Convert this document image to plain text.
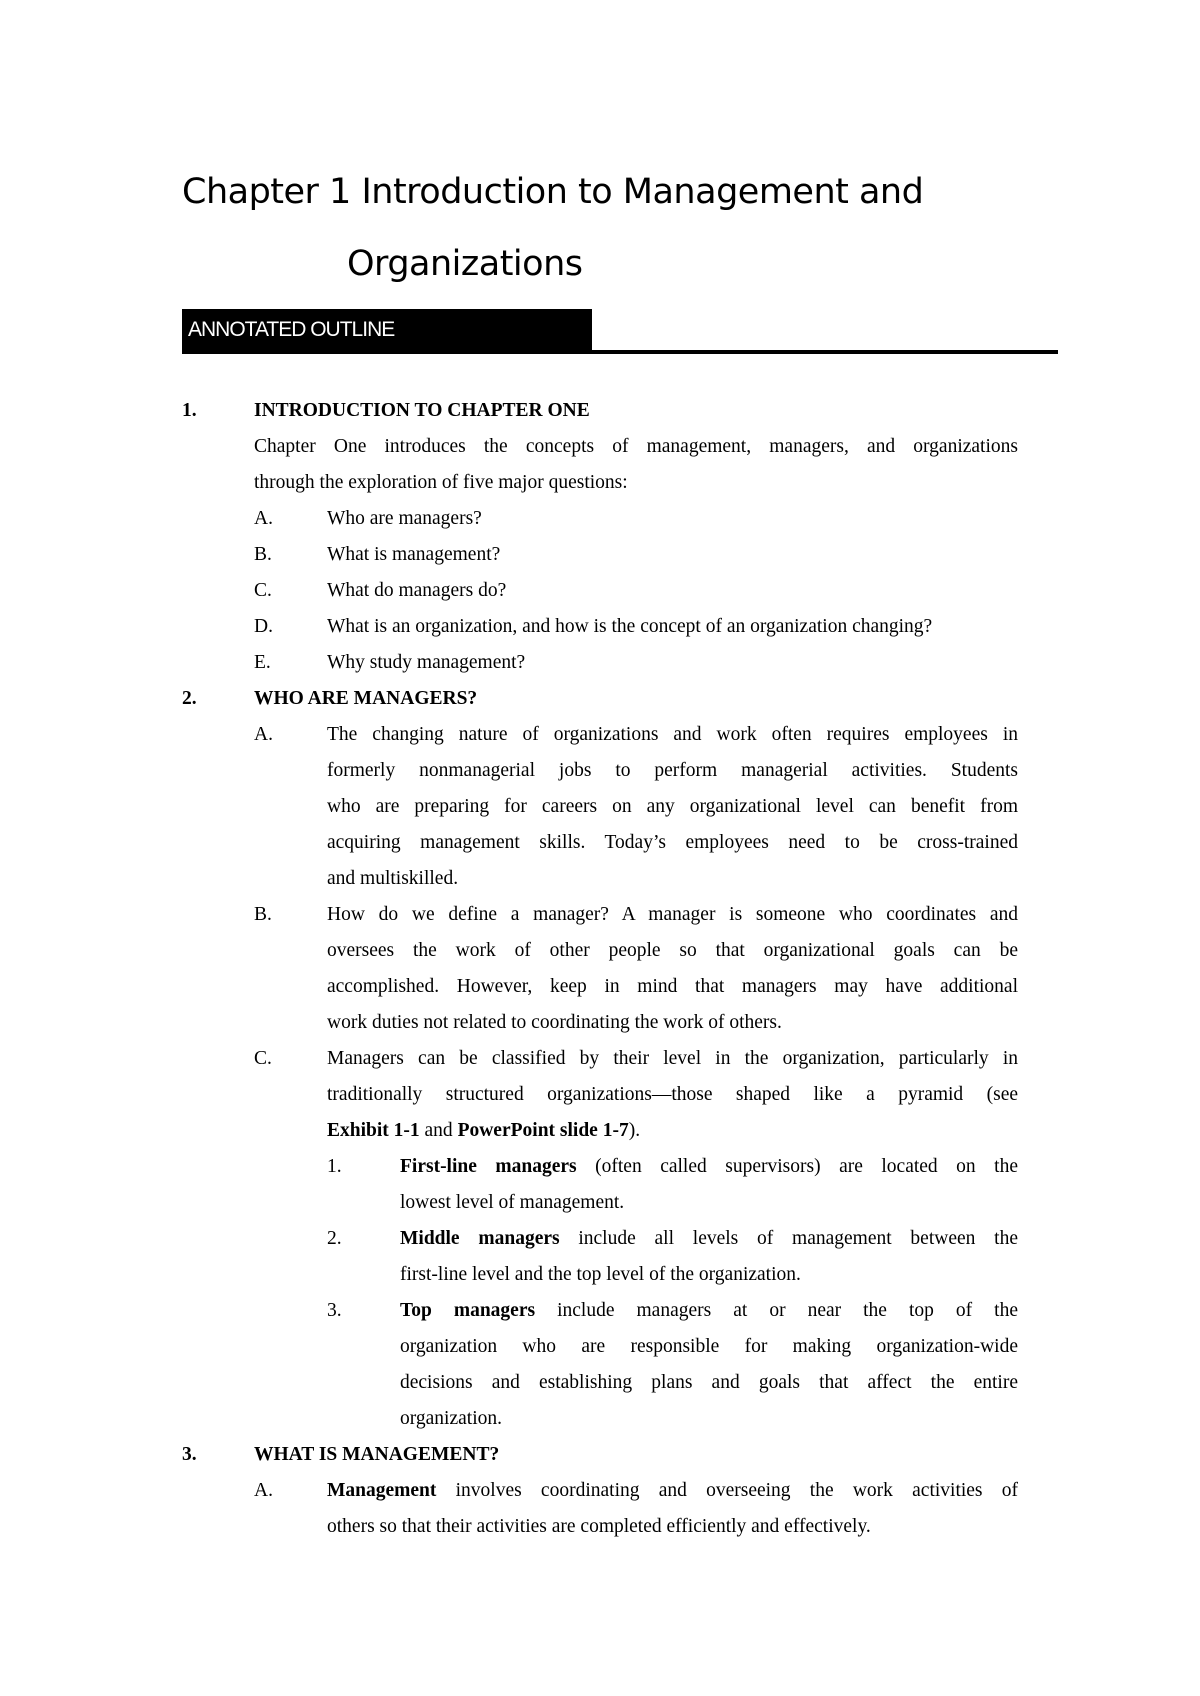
Chapter 1 Introduction to Management and
Organizations
ANNOTATED OUTLINE
1.	INTRODUCTION TO CHAPTER ONE
Chapter One introduces the concepts of management, managers, and organizations
through the exploration of five major questions:
A.	Who are managers?
B.	What is management?
C.	What do managers do?
D.	What is an organization, and how is the concept of an organization changing?
E.	Why study management?
2.	WHO ARE MANAGERS?
A.	The changing nature of organizations and work often requires employees in
formerly nonmanagerial jobs to perform managerial activities. Students
who are preparing for careers on any organizational level can benefit from
acquiring management skills. Today’s employees need to be cross-trained
and multiskilled.
B.	How do we define a manager? A manager is someone who coordinates and
oversees the work of other people so that organizational goals can be
accomplished. However, keep in mind that managers may have additional
work duties not related to coordinating the work of others.
C.	Managers can be classified by their level in the organization, particularly in
traditionally structured organizations—those shaped like a pyramid (see
Exhibit 1-1 and PowerPoint slide 1-7).
1.	First-line managers (often called supervisors) are located on the
lowest level of management.
2.	Middle managers include all levels of management between the
first-line level and the top level of the organization.
3.	Top managers include managers at or near the top of the
organization who are responsible for making organization-wide
decisions and establishing plans and goals that affect the entire
organization.
3.	WHAT IS MANAGEMENT?
A.	Management involves coordinating and overseeing the work activities of
others so that their activities are completed efficiently and effectively.
